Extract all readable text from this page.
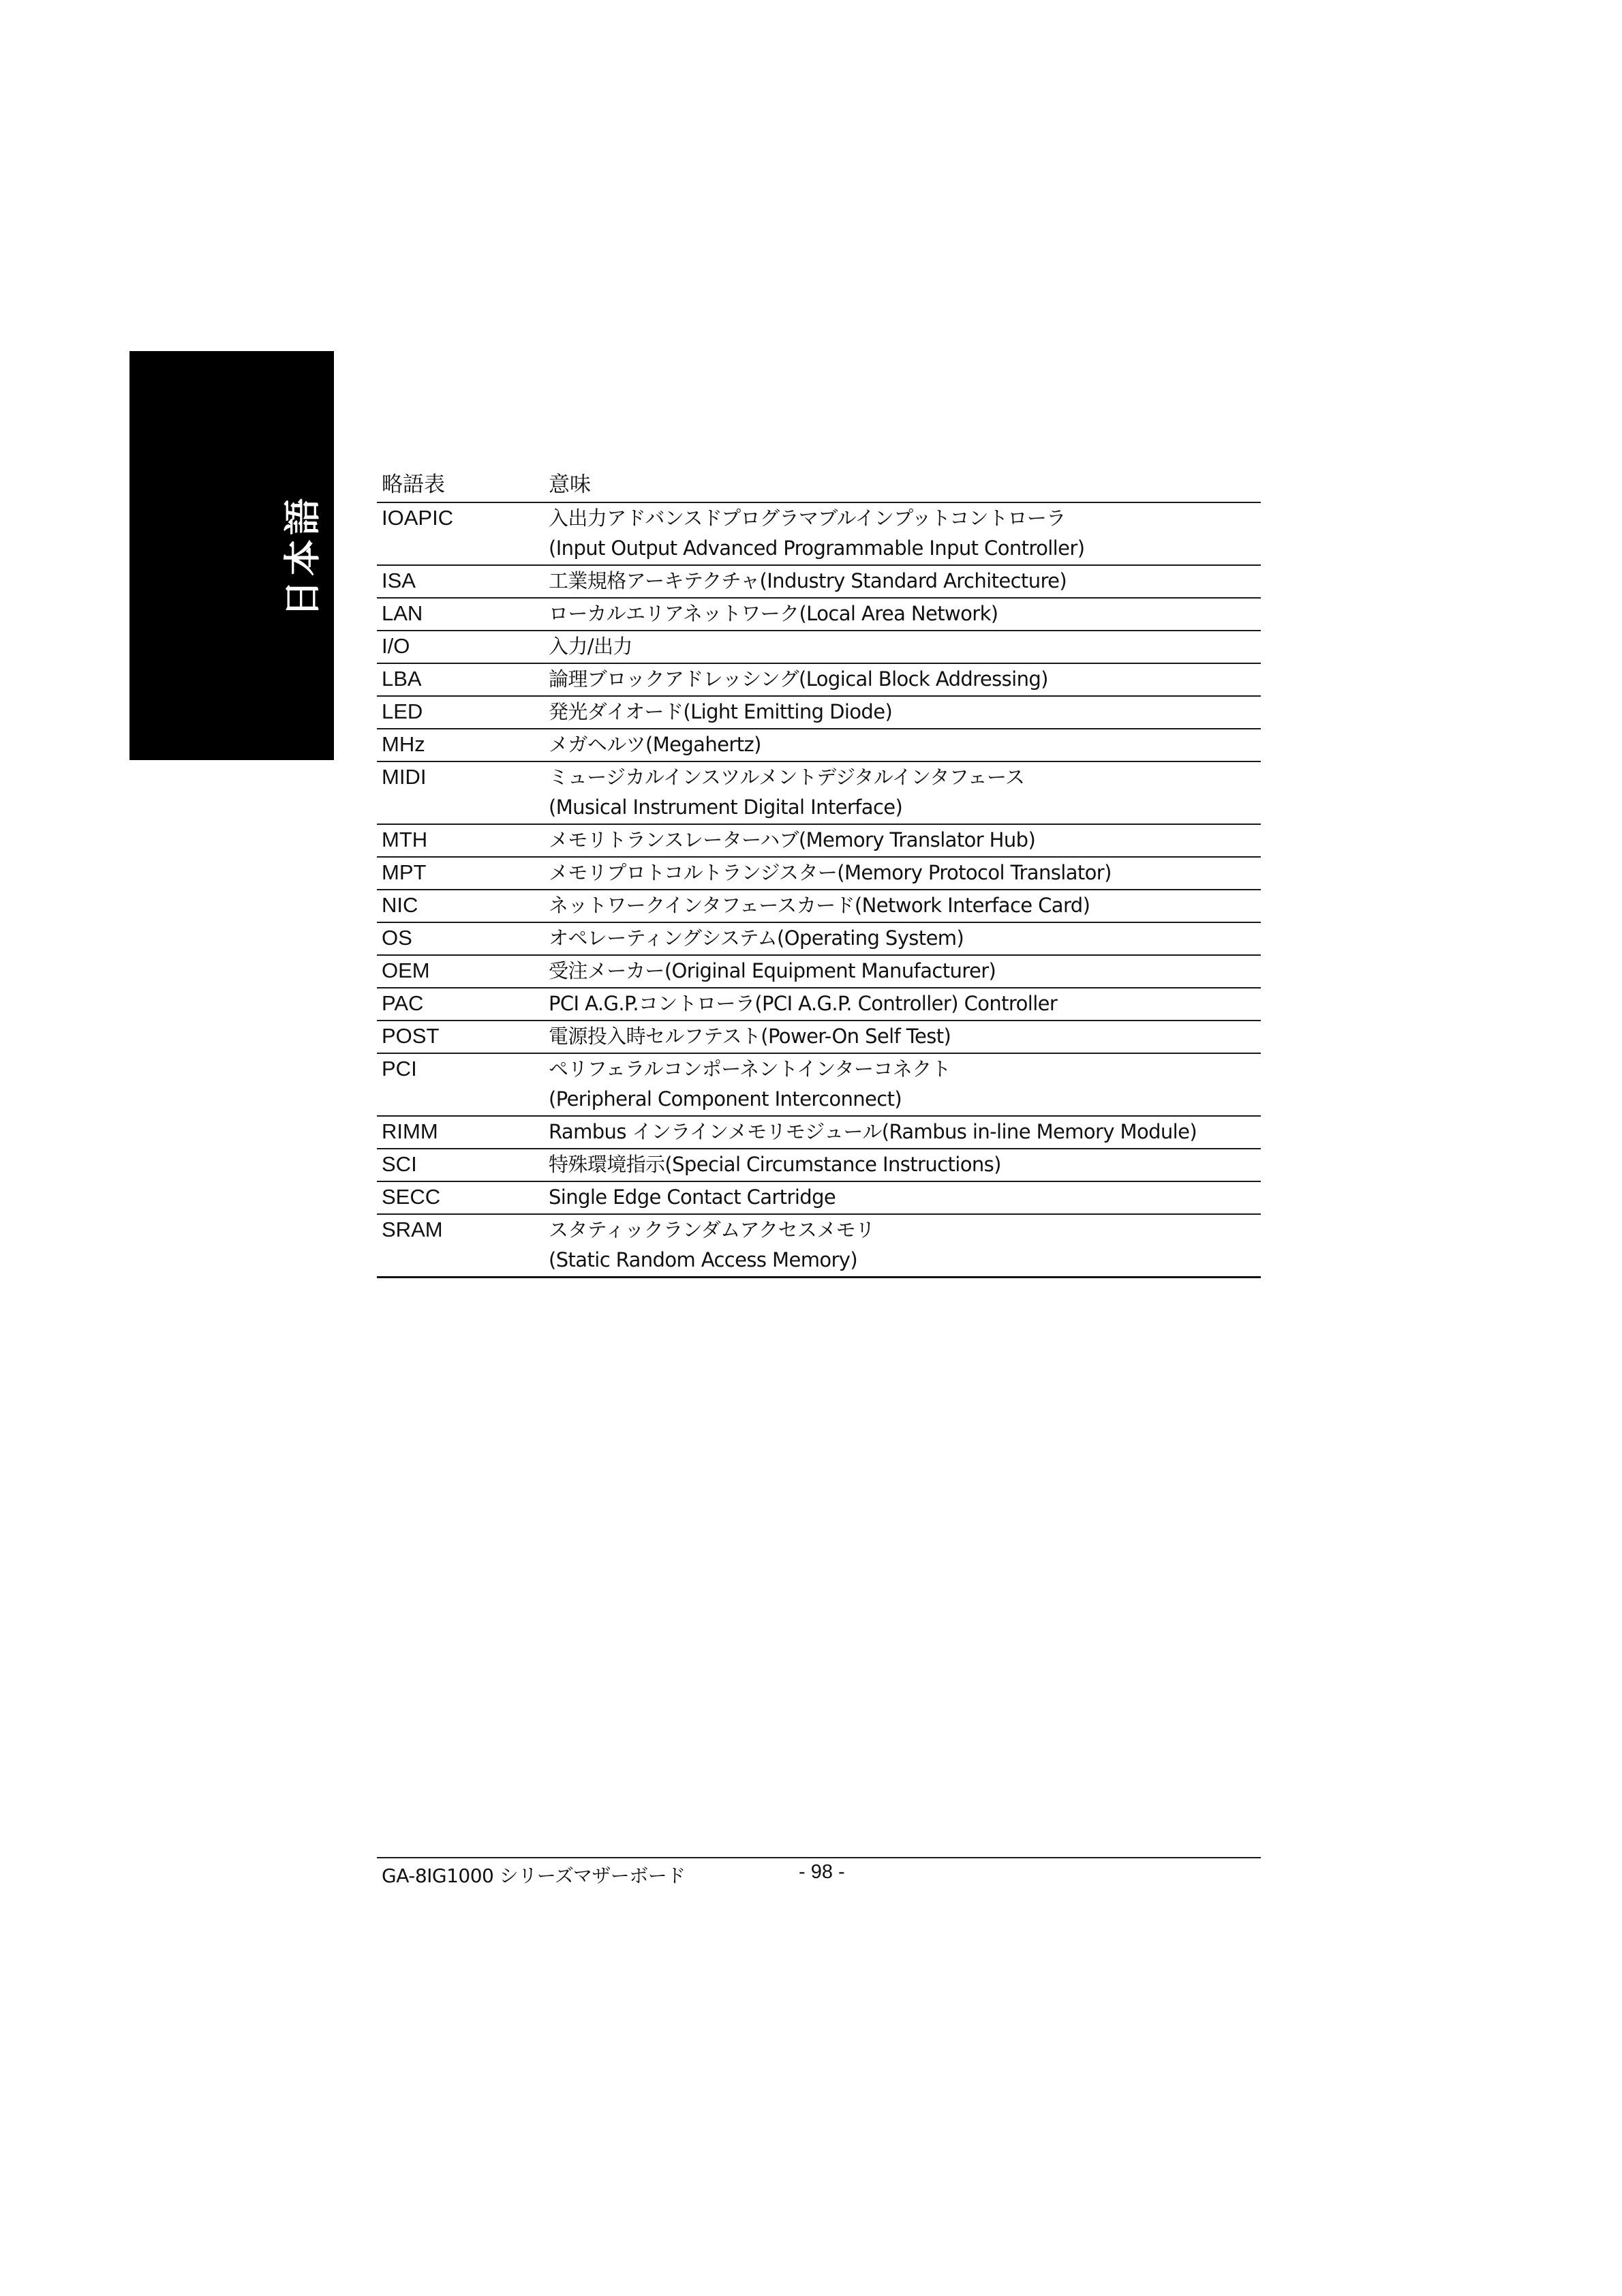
日本語
略語表	意味
IOAPIC	入出力アドバンスドプログラマブルインプットコントローラ
(Input Output Advanced Programmable Input Controller)

ISA	工業規格アーキテクチャ(Industry Standard Architecture)

LAN	ローカルエリアネットワーク(Local Area Network)

I/O	入力/出力

LBA	論理ブロックアドレッシング(Logical Block Addressing)

LED	発光ダイオード(Light Emitting Diode)

MHz	メガヘルツ(Megahertz)

MIDI	ミュージカルインスツルメントデジタルインタフェース
(Musical Instrument Digital Interface)

MTH	メモリトランスレーターハブ(Memory Translator Hub)

MPT	メモリプロトコルトランジスター(Memory Protocol Translator)

NIC	ネットワークインタフェースカード(Network Interface Card)

OS	オペレーティングシステム(Operating System)

OEM	受注メーカー(Original Equipment Manufacturer)

PAC	PCI A.G.P.コントローラ(PCI A.G.P. Controller) Controller

POST	電源投入時セルフテスト(Power-On Self Test)

PCI	ペリフェラルコンポーネントインターコネクト
(Peripheral Component Interconnect)

RIMM	Rambus インラインメモリモジュール(Rambus in-line Memory Module)

SCI	特殊環境指示(Special Circumstance Instructions)

SECC	Single Edge Contact Cartridge

SRAM	スタティックランダムアクセスメモリ
(Static Random Access Memory)
GA-8IG1000 シリーズマザーボード	- 98 -
